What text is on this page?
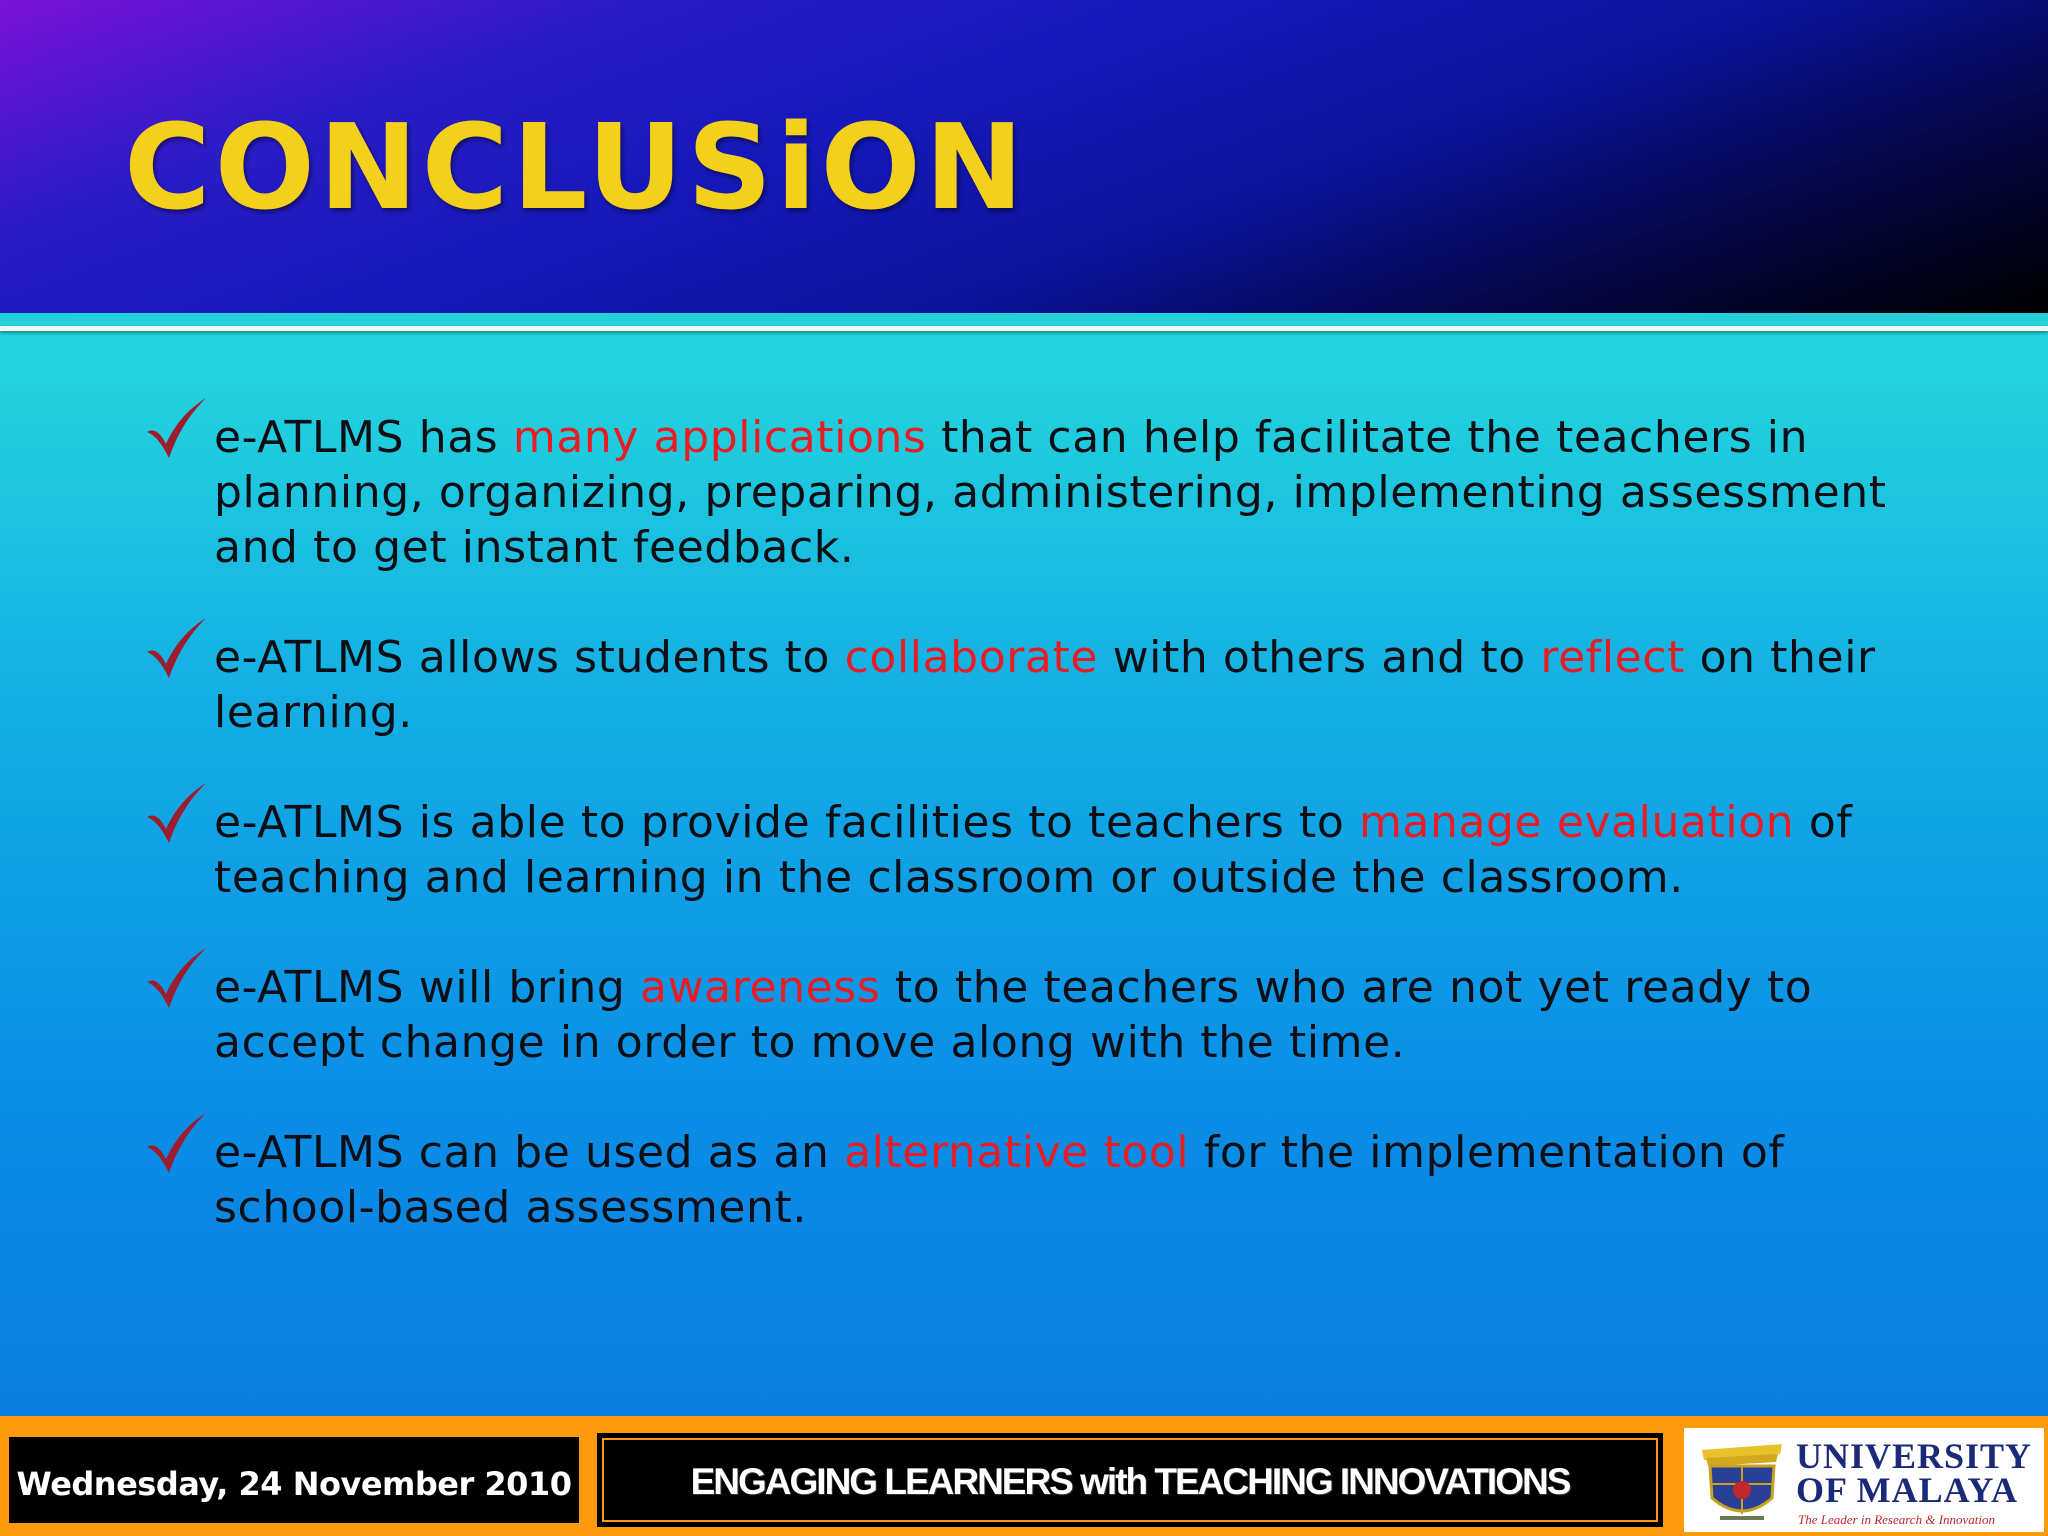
CONCLUSiON
e-ATLMS has many applications that can help facilitate the teachers in planning, organizing, preparing, administering, implementing assessment and to get instant feedback.
e-ATLMS allows students to collaborate with others and to reflect on their learning.
e-ATLMS is able to provide facilities to teachers to manage evaluation of teaching and learning in the classroom or outside the classroom.
e-ATLMS will bring awareness to the teachers who are not yet ready to accept change in order to move along with the time.
e-ATLMS can be used as an alternative tool for the implementation of school-based assessment.
Wednesday, 24 November 2010	ENGAGING LEARNERS with TEACHING INNOVATIONS
UNIVERSITY
OF MALAYA
The Leader in Research & Innovation
